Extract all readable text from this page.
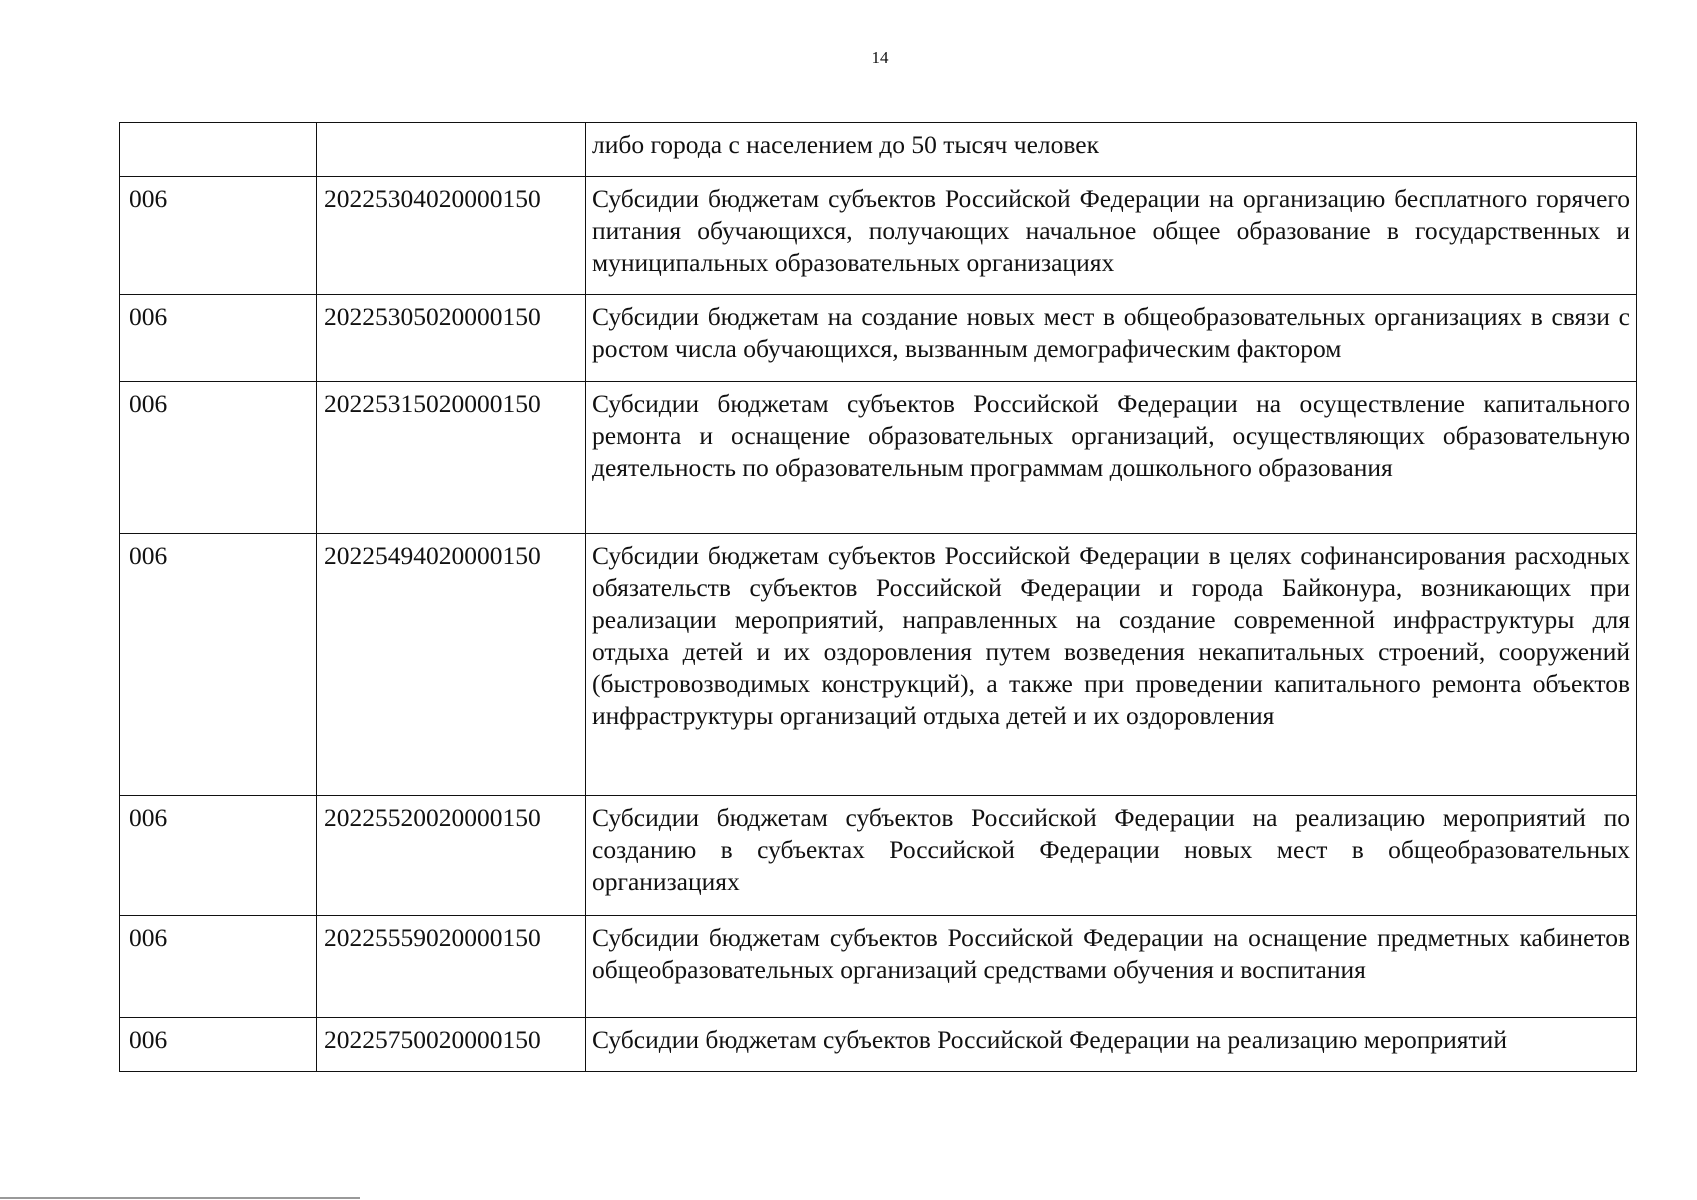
14
		либо города с населением до 50 тысяч человек
006	20225304020000150	Субсидии бюджетам субъектов Российской Федерации на организацию бесплатного горячего питания обучающихся, получающих начальное общее образование в государственных и муниципальных образовательных организациях
006	20225305020000150	Субсидии бюджетам на создание новых мест в общеобразовательных организациях в связи с ростом числа обучающихся, вызванным демографическим фактором
006	20225315020000150	Субсидии бюджетам субъектов Российской Федерации на осуществление капитального ремонта и оснащение образовательных организаций, осуществляющих образовательную деятельность по образовательным программам дошкольного образования
006	20225494020000150	Субсидии бюджетам субъектов Российской Федерации в целях софинансирования расходных обязательств субъектов Российской Федерации и города Байконура, возникающих при реализации мероприятий, направленных на создание современной инфраструктуры для отдыха детей и их оздоровления путем возведения некапитальных строений, сооружений (быстровозводимых конструкций), а также при проведении капитального ремонта объектов инфраструктуры организаций отдыха детей и их оздоровления
006	20225520020000150	Субсидии бюджетам субъектов Российской Федерации на реализацию мероприятий по созданию в субъектах Российской Федерации новых мест в общеобразовательных организациях
006	20225559020000150	Субсидии бюджетам субъектов Российской Федерации на оснащение предметных кабинетов общеобразовательных организаций средствами обучения и воспитания
006	20225750020000150	Субсидии бюджетам субъектов Российской Федерации на реализацию мероприятий
